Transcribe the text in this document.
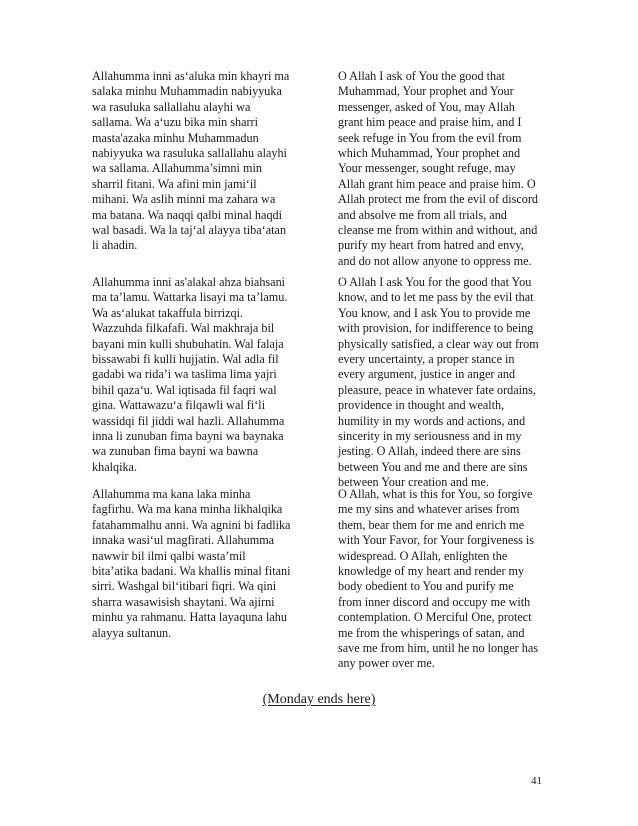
Allahumma inni as‘aluka min khayri ma
salaka minhu Muhammadin nabiyyuka
wa rasuluka sallallahu alayhi wa
sallama. Wa a‘uzu bika min sharri
masta'azaka minhu Muhammadun
nabiyyuka wa rasuluka sallallahu alayhi
wa sallama. Allahumma’simni min
sharril fitani. Wa afini min jami‘il
mihani. Wa aslih minni ma zahara wa
ma batana. Wa naqqi qalbi minal haqdi
wal basadi. Wa la taj‘al alayya tiba‘atan
li ahadin.
O Allah I ask of You the good that
Muhammad, Your prophet and Your
messenger, asked of You, may Allah
grant him peace and praise him, and I
seek refuge in You from the evil from
which Muhammad, Your prophet and
Your messenger, sought refuge, may
Allah grant him peace and praise him. O
Allah protect me from the evil of discord
and absolve me from all trials, and
cleanse me from within and without, and
purify my heart from hatred and envy,
and do not allow anyone to oppress me.
Allahumma inni as'alakal ahza biahsani
ma ta’lamu. Wattarka lisayi ma ta’lamu.
Wa as‘alukat takaffula birrizqi.
Wazzuhda filkafafi. Wal makhraja bil
bayani min kulli shubuhatin. Wal falaja
bissawabi fi kulli hujjatin. Wal adla fil
gadabi wa rida’i wa taslima lima yajri
bihil qaza‘u. Wal iqtisada fil faqri wal
gina. Wattawazu‘a filqawli wal fi‘li
wassidqi fil jiddi wal hazli. Allahumma
inna li zunuban fima bayni wa baynaka
wa zunuban fima bayni wa bawna
khalqika.
O Allah I ask You for the good that You
know, and to let me pass by the evil that
You know, and I ask You to provide me
with provision, for indifference to being
physically satisfied, a clear way out from
every uncertainty, a proper stance in
every argument, justice in anger and
pleasure, peace in whatever fate ordains,
providence in thought and wealth,
humility in my words and actions, and
sincerity in my seriousness and in my
jesting. O Allah, indeed there are sins
between You and me and there are sins
between Your creation and me.
Allahumma ma kana laka minha
fagfirhu. Wa ma kana minha likhalqika
fatahammalhu anni. Wa agnini bi fadlika
innaka wasi‘ul magfirati. Allahumma
nawwir bil ilmi qalbi wasta’mil
bita’atika badani. Wa khallis minal fitani
sirri. Washgal bil‘itibari fiqri. Wa qini
sharra wasawisish shaytani. Wa ajirni
minhu ya rahmanu. Hatta layaquna lahu
alayya sultanun.
O Allah, what is this for You, so forgive
me my sins and whatever arises from
them, bear them for me and enrich me
with Your Favor, for Your forgiveness is
widespread. O Allah, enlighten the
knowledge of my heart and render my
body obedient to You and purify me
from inner discord and occupy me with
contemplation. O Merciful One, protect
me from the whisperings of satan, and
save me from him, until he no longer has
any power over me.
(Monday ends here)
41
